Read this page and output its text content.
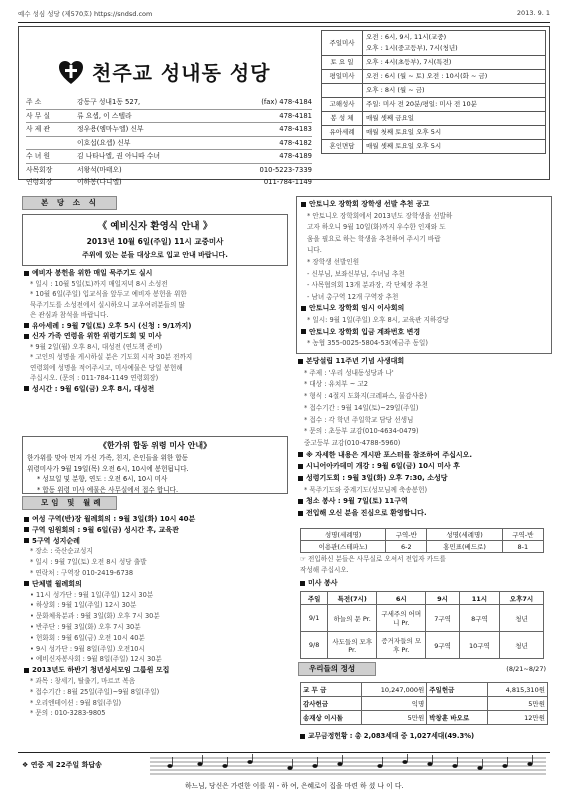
예수 성심 성당 (제570호) https://sndsd.com	2013. 9. 1
천주교 성내동 성당
주 소	강동구 성내1동 527,	(fax) 478-4184
사 무 실	류 요셉, 이 스텔라	478-4181
사 제 관	정우용(엠마누엘) 신부	478-4183
이호섭(요셉) 신부	478-4182
수 녀 원	김 나타나엘, 권 아니따 수녀	478-4189
사목회장	서왕석(마태오)	010-5223-7339
연령회장	이하봉(다니엘)	011-784-1149
주일미사	오전 : 6시, 9시, 11시(교중)
오후 : 1시(중고등부), 7시(청년)
토 요 일	오후 : 4시(초등부), 7시(특전)
평일미사	오전 : 6시 (월 ~ 토) 오전 : 10시(화 ~ 금)
	오후 : 8시 (월 ~ 금)
고해성사	주일: 미사 전 20분/평일: 미사 전 10분
봉 성 체	매월 셋째 금요일
유아세례	매월 첫째 토요일 오후 5시
혼인면담	매월 셋째 토요일 오후 5시
본 당 소 식
《 예비신자 환영식 안내 》
2013년 10월 6일(주일) 11시 교중미사
주위에 있는 분들 대상으로 입교 안내 바랍니다.
예비자 봉헌을 위한 매일 묵주기도 실시
* 일시 : 10월 5일(토)까지 매일저녁 8시 소성전
* 10월 6일(주일) 입교식을 앞두고 예비자 봉헌을 위한
묵주기도를 소성전에서 실시하오니 교우여러분들의 많
은 관심과 참석을 바랍니다.
유아세례 : 9월 7일(토) 오후 5시 (신청 : 9/1까지)
신자 가족 연령을 위한 위령기도회 및 미사
* 9월 2일(월) 오후 8시, 대성전 (연도책 준비)
* 고인의 성명을 게시하실 분은 기도회 시작 30분 전까지
연령회에 성명을 적어주시고, 미사예물은 당일 봉헌해
주십시오. (문의 : 011-784-1149 연령회장)
성시간 : 9월 6일(금) 오후 8시, 대성전
《한가위 합동 위령 미사 안내》
한가위를 맞아 먼저 가신 가족, 친지, 은인들을 위한 합동
위령미사가 9월 19일(목) 오전 6시, 10시에 봉헌됩니다.
* 성묘일 및 분향, 연도 : 오전 6시, 10시 미사
* 합동 위령 미사 예물은 사무실에서 접수 합니다.
모임 및 월례
여성 구역(반)장 월례회의 : 9월 3일(화) 10시 40분
구역 임원회의 : 9월 6일(금) 성시간 후, 교육관
5구역 성지순례
* 장소 : 죽산순교성지
* 일시 : 9월 7일(토) 오전 8시 성당 출발
* 연락처 : 구역장 010-2419-6738
단체별 월례회의
• 11시 성가단 : 9월 1일(주일) 12시 30분
• 하상회 : 9월 1일(주일) 12시 30분
• 문화체육분과 : 9월 3일(화) 오후 7시 30분
• 반주단 : 9월 3일(화) 오후 7시 30분
• 헌화회 : 9월 6일(금) 오전 10시 40분
• 9시 성가단 : 9월 8일(주일) 오전10시
• 예비신자봉사회 : 9월 8일(주일) 12시 30분
2013년도 하반기 청년성서모임 그룹원 모집
* 과목 : 창세기, 탈출기, 마르코 복음
* 접수기간 : 8월 25일(주일)~9월 8일(주일)
* 오리엔테이션 : 9월 8일(주일)
* 문의 : 010-3283-9805
안토니오 장학회 장학생 선발 추천 공고
* 안토니오 장학회에서 2013년도 장학생을 선발하
고자 하오니 9월 10일(화)까지 우수한 인재와 도
움을 필요로 하는 학생을 추천하여 주시기 바랍
니다.
* 장학생 선발인원
- 신부님, 보좌신부님, 수녀님 추천
- 사목협의회 13개 분과장, 각 단체장 추천
- 남녀 총구역 12개 구역장 추천
안토니오 장학회 임시 이사회의
* 일시: 9월 1일(주일) 오후 8시, 교육관 지하강당
안토니오 장학회 입금 계좌번호 변경
* 농협 355-0025-5804-53(예금주 동일)
본당설립 11주년 기념 사생대회
* 주제 : '우리 성내동성당과 나'
* 대상 : 유치부 ~ 고2
* 형식 : 4절지 도화지(크레파스, 물감사용)
* 접수기간 : 9월 14일(토)~29일(주일)
* 접수 : 각 학년 주일학교 담당 선생님
* 문의 : 초등부 교감(010-4634-0479)
중고등부 교감(010-4788-5960)
※ 자세한 내용은 게시판 포스터를 참조하여 주십시오.
시니어아카데미 개강 : 9월 6일(금) 10시 미사 후
성령기도회 : 9월 3일(화) 오후 7:30, 소성당
* 묵주기도와 중계기도(성모님께 축송봉헌)
청소 봉사 : 9월 7일(토) 11구역
전입해 오신 분을 진심으로 환영합니다.
성명(세례명)	구역-반	성명(세례명)	구역-반
이용관(스테파노)	6-2	홍민표(베드로)	8-1
☞ 전입하신 분들은 사무실로 오셔서 전입자 카드를
작성해 주십시오.
미사 봉사
주일	특전(7시)	6시	9시	11시	오후7시
9/1	하늘의 문 Pr.	구세주의 어머니 Pr.	7구역	8구역	청년
9/8	사도들의 모후 Pr.	증거자들의 모후 Pr.	9구역	10구역	청년
우리들의 정성	(8/21~8/27)
교 무 금	10,247,000원	주일헌금	4,815,310원
감사헌금	익명		5만원
송재상 이시돌	5만원	박창훈 바오로	12만원
교무금정헌황 : 총 2,083세대 중 1,027세대(49.3%)
❖ 연중 제 22주일 화답송
하느님, 당신은 가련한 이를 위 - 하 여, 은혜로이 집을 마련 하 셨 나 이 다.
